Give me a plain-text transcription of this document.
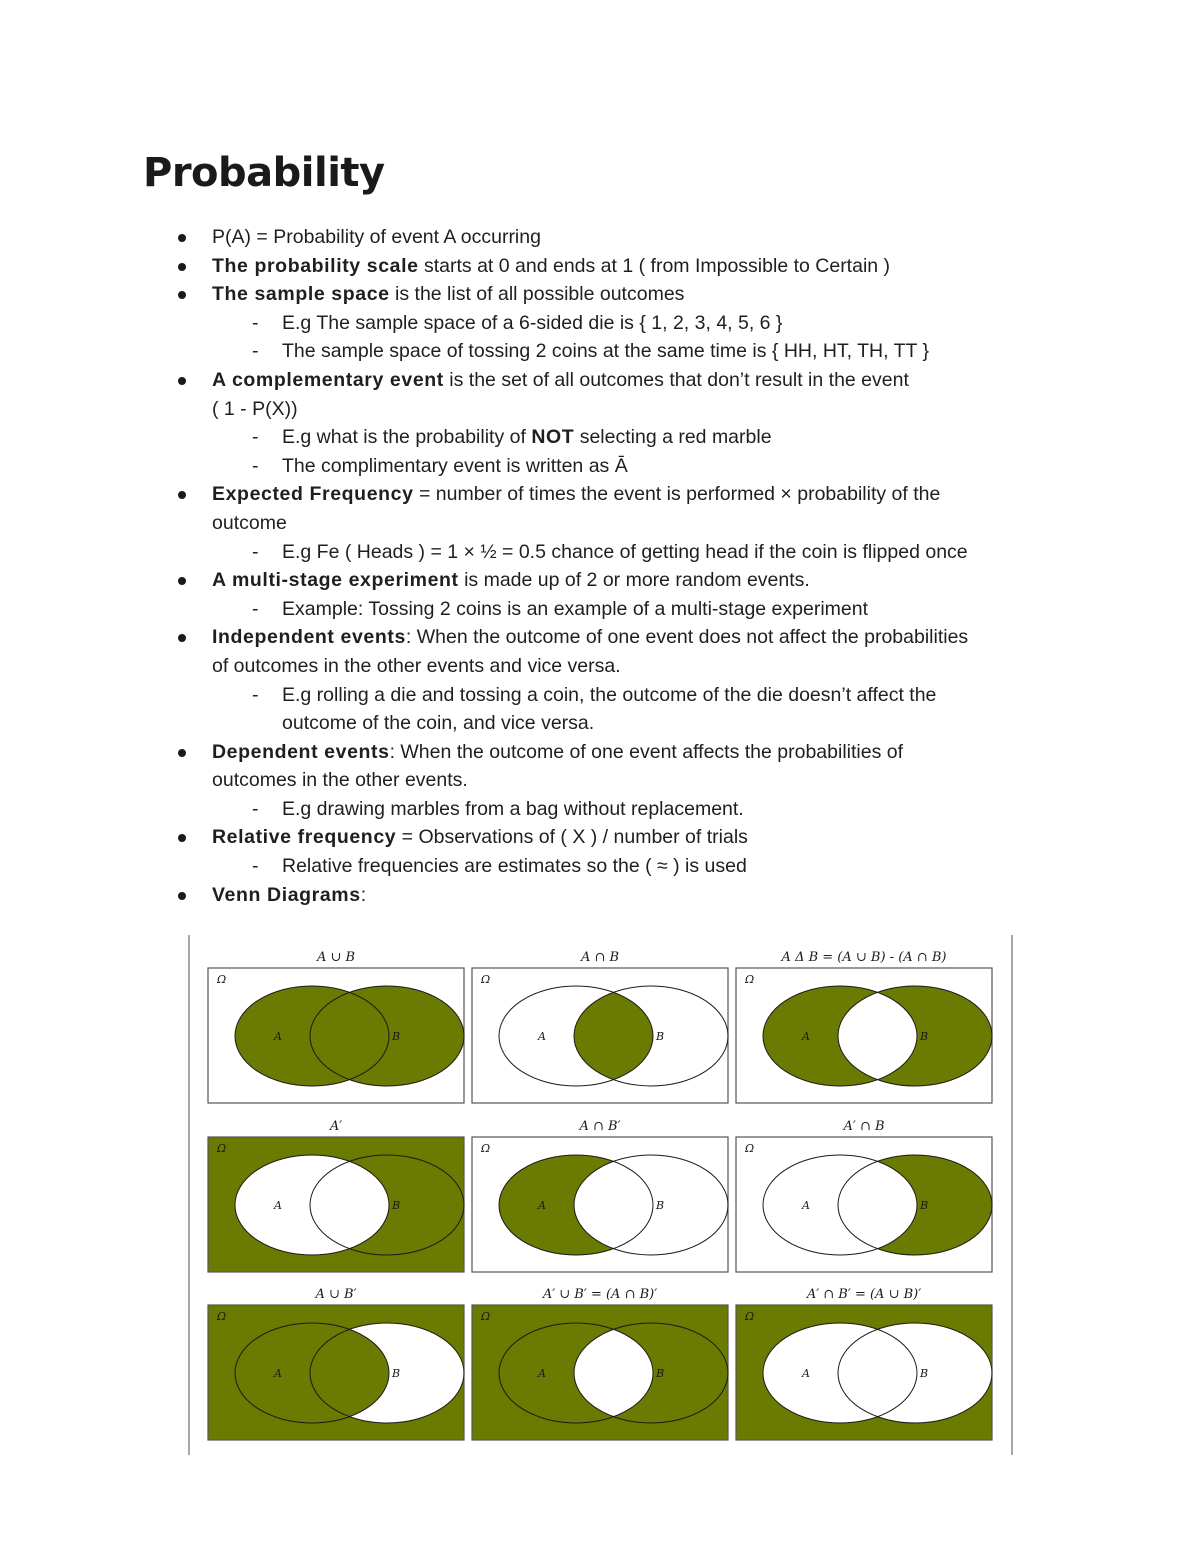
Probability
P(A) = Probability of event A occurring
The probability scale starts at 0 and ends at 1 ( from Impossible to Certain )
The sample space is the list of all possible outcomes
- E.g The sample space of a 6-sided die is { 1, 2, 3, 4, 5, 6 }
- The sample space of tossing 2 coins at the same time is { HH, HT, TH, TT }
A complementary event is the set of all outcomes that don’t result in the event
( 1 - P(X))
- E.g what is the probability of NOT selecting a red marble
- The complimentary event is written as Ā
Expected Frequency = number of times the event is performed × probability of the
outcome
- E.g Fe ( Heads ) = 1 × ½ = 0.5 chance of getting head if the coin is flipped once
A multi-stage experiment is made up of 2 or more random events.
- Example: Tossing 2 coins is an example of a multi-stage experiment
Independent events: When the outcome of one event does not affect the probabilities
of outcomes in the other events and vice versa.
- E.g rolling a die and tossing a coin, the outcome of the die doesn’t affect the
outcome of the coin, and vice versa.
Dependent events: When the outcome of one event affects the probabilities of
outcomes in the other events.
- E.g drawing marbles from a bag without replacement.
Relative frequency = Observations of ( X ) / number of trials
- Relative frequencies are estimates so the ( ≈ ) is used
Venn Diagrams:
A ∪ B
Ω
A	B
A ∩ B
Ω
A	B
A Δ B = (A ∪ B) - (A ∩ B)
Ω
A	B
A′
Ω
A	B
A ∩ B′
Ω
A	B
A′ ∩ B
Ω
A	B
A ∪ B′
Ω
A	B
A′ ∪ B′ = (A ∩ B)′
Ω
A	B
A′ ∩ B′ = (A ∪ B)′
Ω
A	B
